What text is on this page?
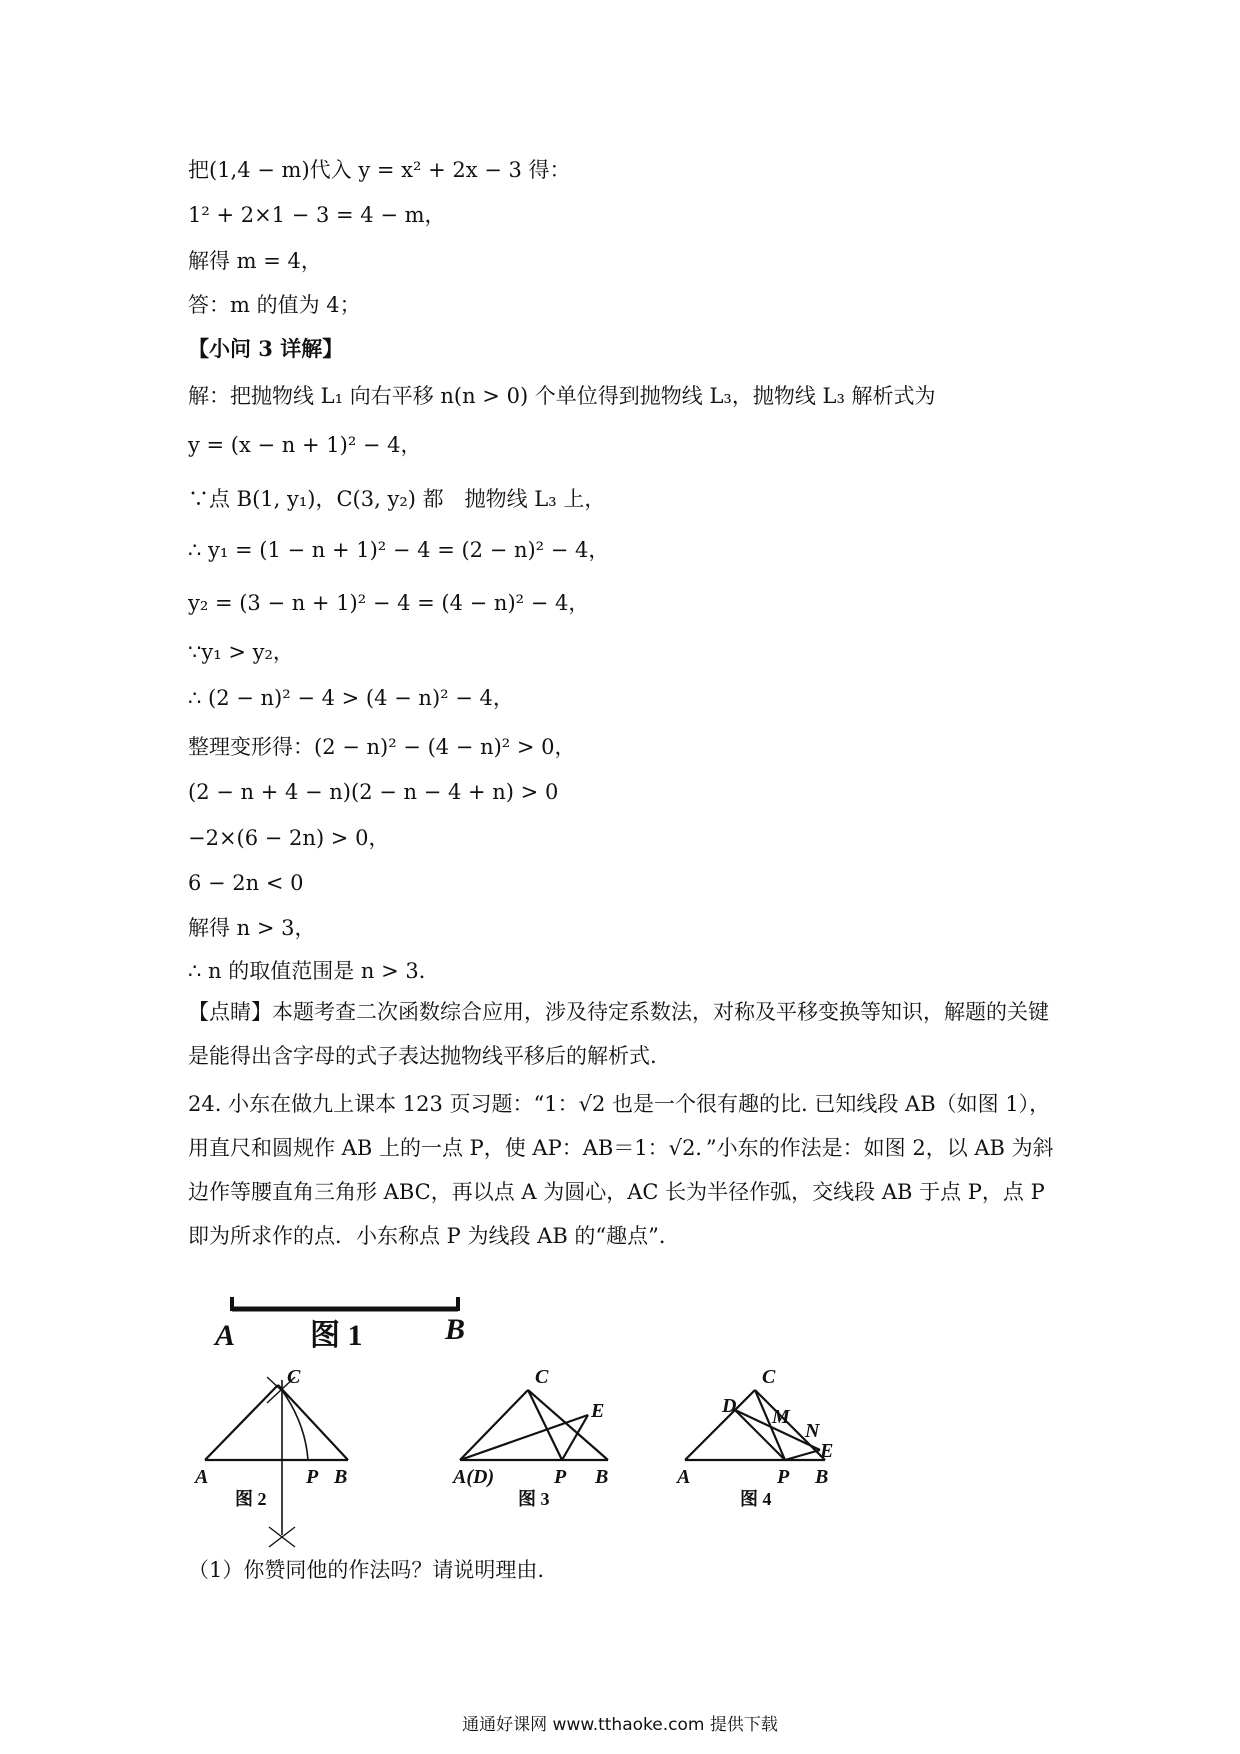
把(1,4 − m)代入 y = x² + 2x − 3 得：
1² + 2×1 − 3 = 4 − m，
解得 m = 4，
答：m 的值为 4；
【小问 3 详解】
解：把抛物线 L₁ 向右平移 n(n > 0) 个单位得到抛物线 L₃，抛物线 L₃ 解析式为
y = (x − n + 1)² − 4，
∵点 B(1, y₁)，C(3, y₂) 都　抛物线 L₃ 上，
∴ y₁ = (1 − n + 1)² − 4 = (2 − n)² − 4，
y₂ = (3 − n + 1)² − 4 = (4 − n)² − 4，
∵y₁ > y₂，
∴ (2 − n)² − 4 > (4 − n)² − 4，
整理变形得：(2 − n)² − (4 − n)² > 0，
(2 − n + 4 − n)(2 − n − 4 + n) > 0
−2×(6 − 2n) > 0，
6 − 2n < 0
解得 n > 3，
∴ n 的取值范围是 n > 3．
【点睛】本题考查二次函数综合应用，涉及待定系数法，对称及平移变换等知识，解题的关键是能得出含字母的式子表达抛物线平移后的解析式.
24. 小东在做九上课本 123 页习题：“1：√2 也是一个很有趣的比. 已知线段 AB（如图 1），用直尺和圆规作 AB 上的一点 P，使 AP：AB＝1：√2．”小东的作法是：如图 2，以 AB 为斜边作等腰直角三角形 ABC，再以点 A 为圆心，AC 长为半径作弧，交线段 AB 于点 P，点 P 即为所求作的点．小东称点 P 为线段 AB 的“趣点”．
A	B
图 1
C
A	P B
图 2
C
E
A(D)	P B
图 3
C
D M
N
E
A	P B
图 4
（1）你赞同他的作法吗？请说明理由.
通通好课网 www.tthaoke.com 提供下载
